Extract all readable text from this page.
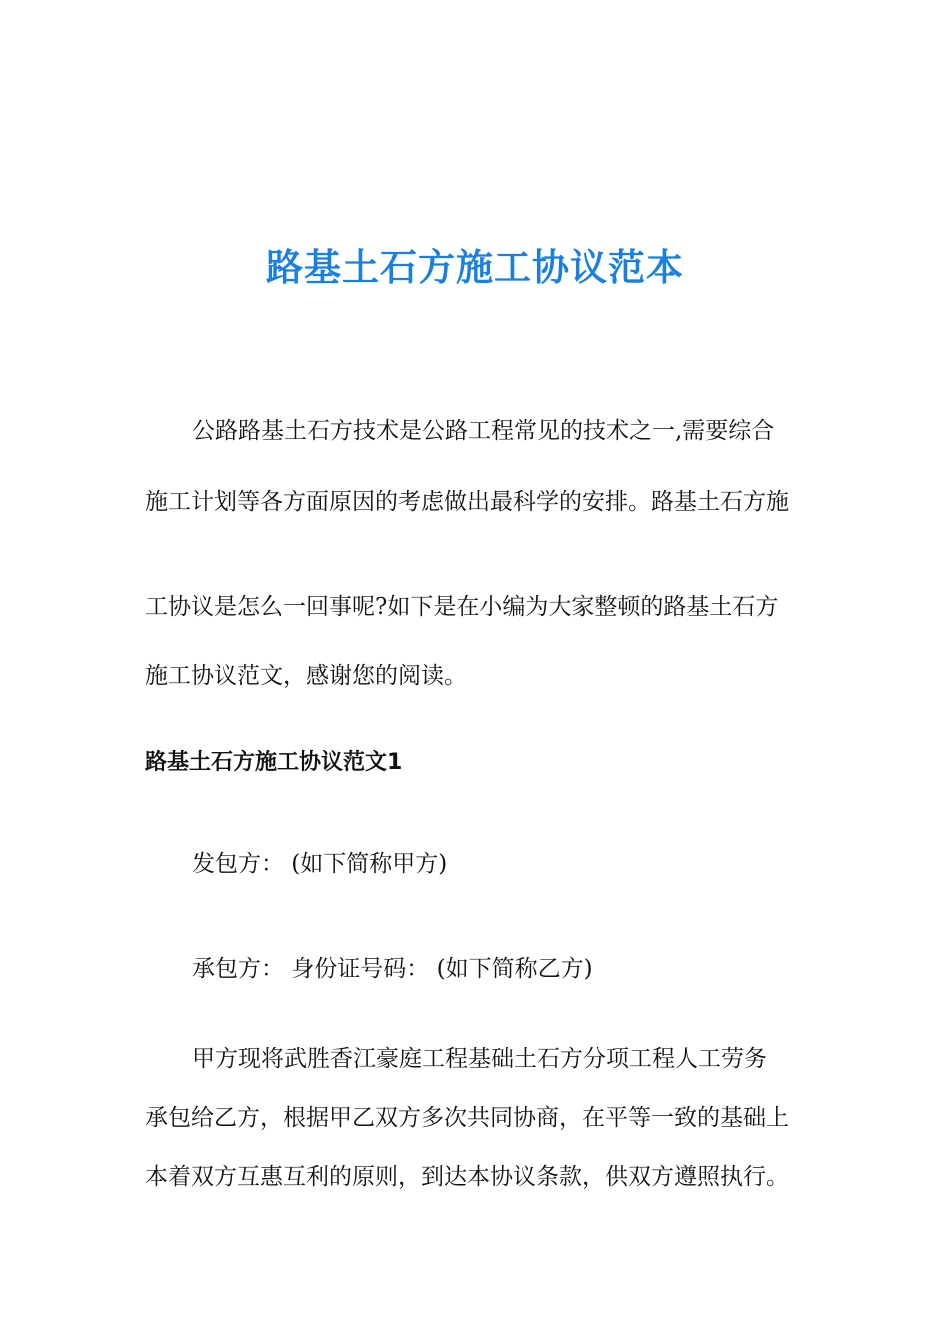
路基土石方施工协议范本
公路路基土石方技术是公路工程常见的技术之一,需要综合
施工计划等各方面原因的考虑做出最科学的安排。路基土石方施
工协议是怎么一回事呢?如下是在小编为大家整顿的路基土石方
施工协议范文，感谢您的阅读。
路基土石方施工协议范文1
发包方： (如下简称甲方)
承包方： 身份证号码： (如下简称乙方)
甲方现将武胜香江豪庭工程基础土石方分项工程人工劳务
承包给乙方，根据甲乙双方多次共同协商，在平等一致的基础上
本着双方互惠互利的原则，到达本协议条款，供双方遵照执行。
